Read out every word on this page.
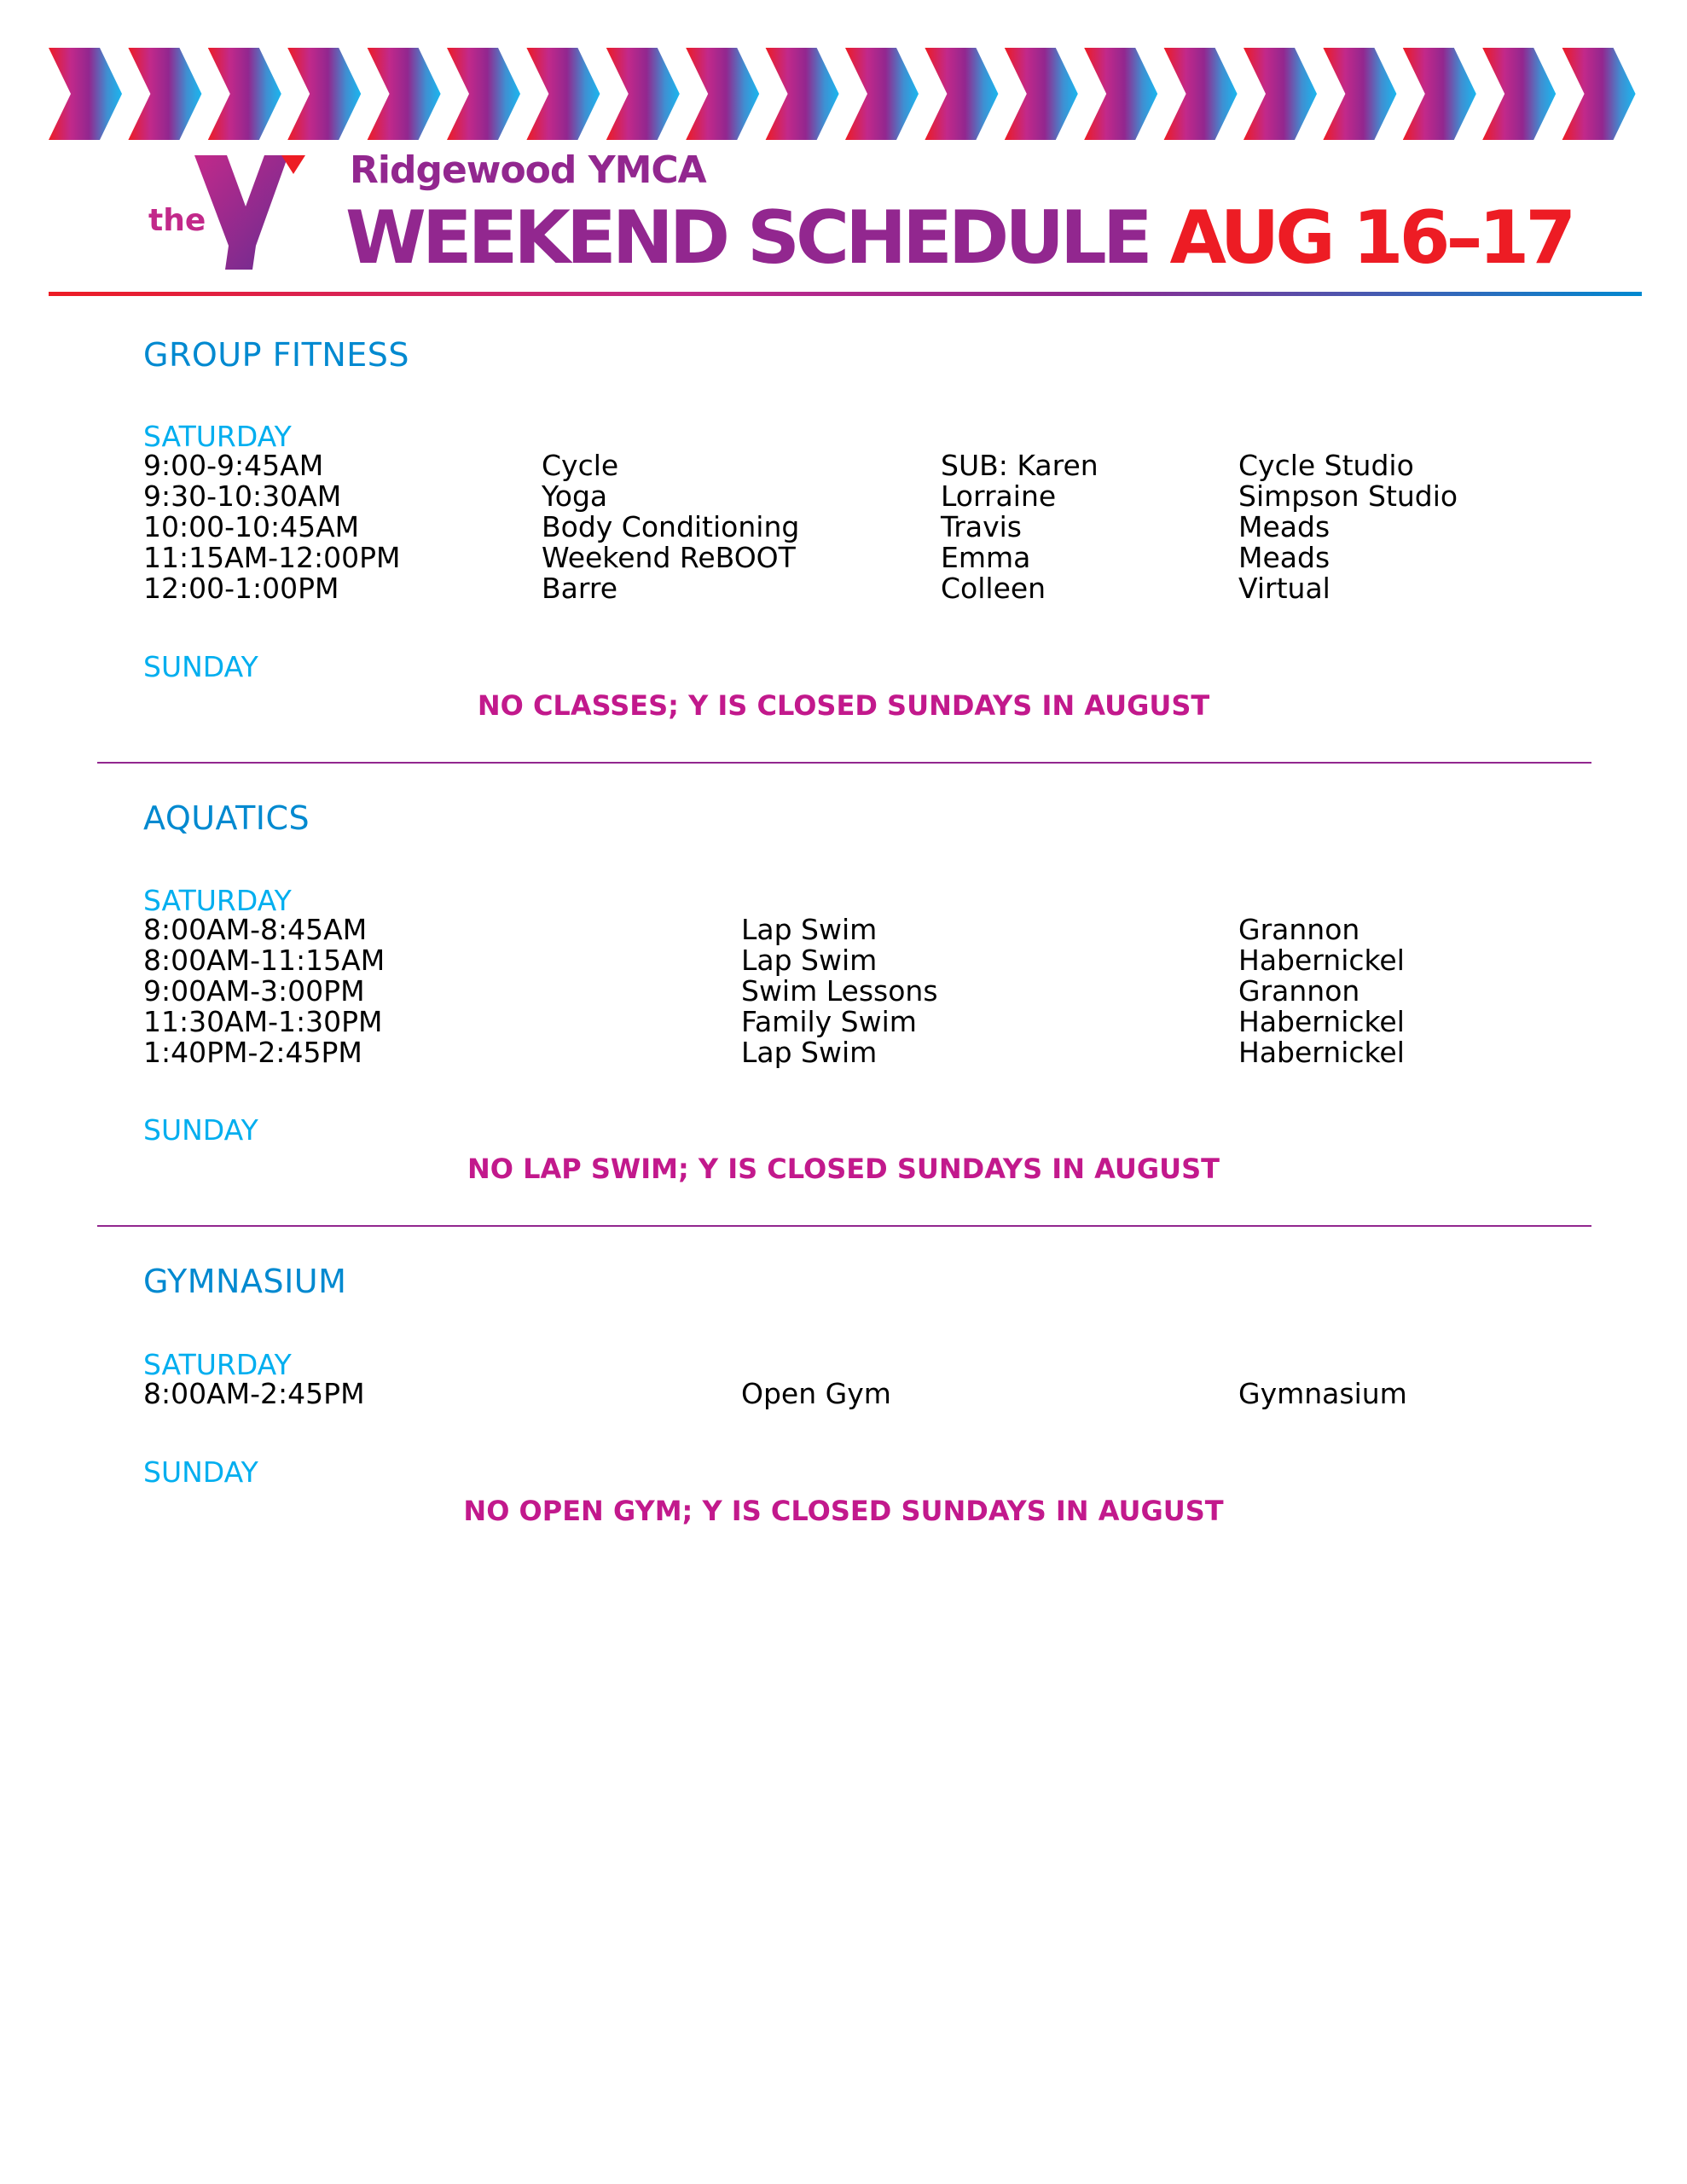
the
Ridgewood YMCA
WEEKEND SCHEDULE AUG 16–17
GROUP FITNESS
SATURDAY
9:00-9:45AM	Cycle	SUB: Karen	Cycle Studio
9:30-10:30AM	Yoga	Lorraine	Simpson Studio
10:00-10:45AM	Body Conditioning	Travis	Meads
11:15AM-12:00PM	Weekend ReBOOT	Emma	Meads
12:00-1:00PM	Barre	Colleen	Virtual
SUNDAY
NO CLASSES; Y IS CLOSED SUNDAYS IN AUGUST
AQUATICS
SATURDAY
8:00AM-8:45AM	Lap Swim	Grannon
8:00AM-11:15AM	Lap Swim	Habernickel
9:00AM-3:00PM	Swim Lessons	Grannon
11:30AM-1:30PM	Family Swim	Habernickel
1:40PM-2:45PM	Lap Swim	Habernickel
SUNDAY
NO LAP SWIM; Y IS CLOSED SUNDAYS IN AUGUST
GYMNASIUM
SATURDAY
8:00AM-2:45PM	Open Gym	Gymnasium
SUNDAY
NO OPEN GYM; Y IS CLOSED SUNDAYS IN AUGUST
